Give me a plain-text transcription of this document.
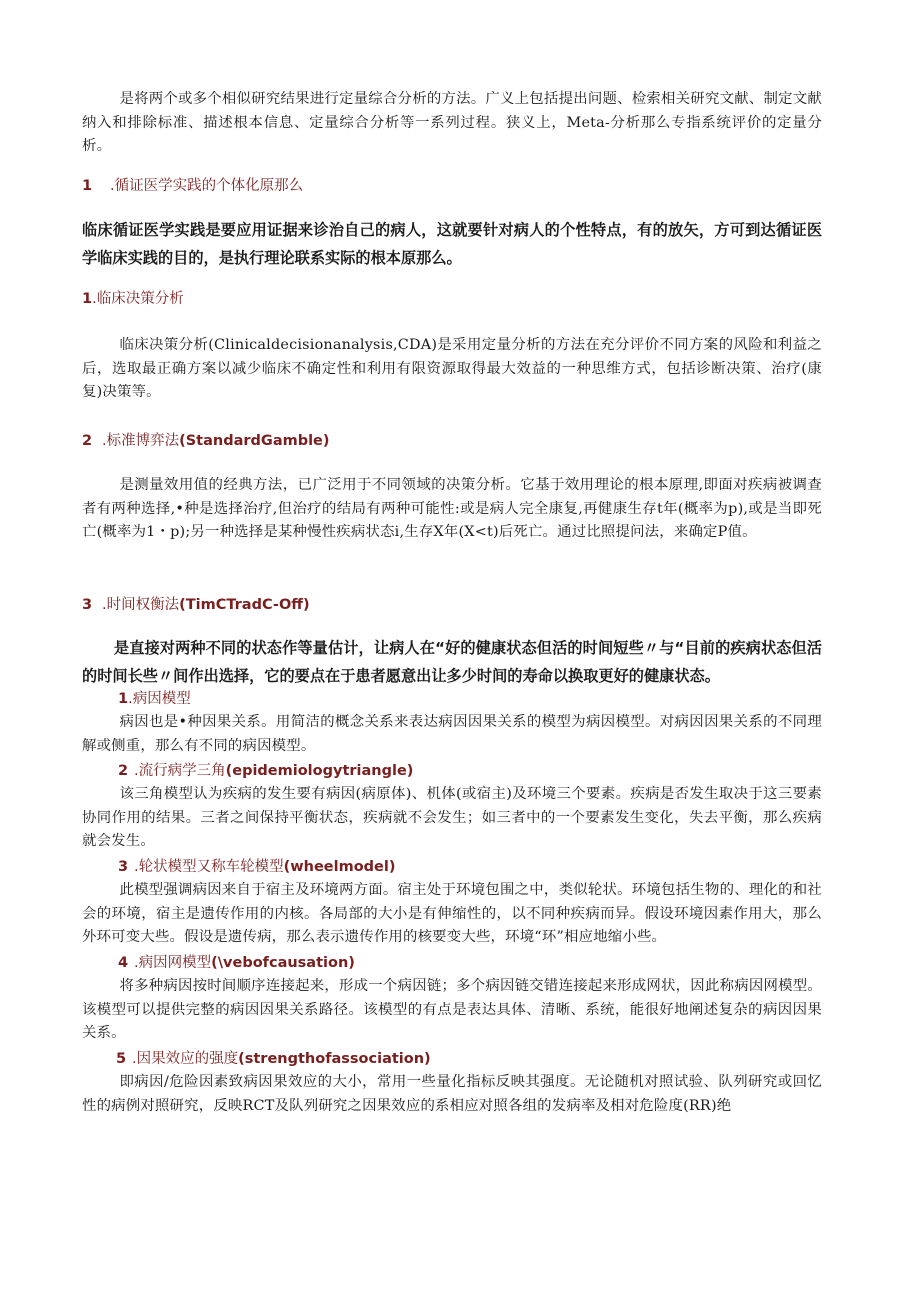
是将两个或多个相似研究结果进行定量综合分析的方法。广义上包括提出问题、检索相关研究文献、制定文献纳入和排除标准、描述根本信息、定量综合分析等一系列过程。狭义上，Meta-分析那么专指系统评价的定量分析。

1 .循证医学实践的个体化原那么

临床循证医学实践是要应用证据来诊治自己的病人，这就要针对病人的个性特点，有的放矢，方可到达循证医学临床实践的目的，是执行理论联系实际的根本原那么。

1.临床决策分析

临床决策分析(Clinicaldecisionanalysis,CDA)是采用定量分析的方法在充分评价不同方案的风险和利益之后，选取最正确方案以减少临床不确定性和利用有限资源取得最大效益的一种思维方式，包括诊断决策、治疗(康复)决策等。

2 .标准博弈法(StandardGamble)

是测量效用值的经典方法，已广泛用于不同领域的决策分析。它基于效用理论的根本原理,即面对疾病被调查者有两种选择,•种是选择治疗,但治疗的结局有两种可能性:或是病人完全康复,再健康生存t年(概率为p),或是当即死亡(概率为1・p);另一种选择是某种慢性疾病状态i,生存X年(X<t)后死亡。通过比照提问法，来确定P值。

3 .时间权衡法(TimCTradC-Off)

是直接对两种不同的状态作等量估计，让病人在“好的健康状态但活的时间短些〃与“目前的疾病状态但活的时间长些〃间作出选择，它的要点在于患者愿意出让多少时间的寿命以换取更好的健康状态。

1.病因模型

病因也是•种因果关系。用简洁的概念关系来表达病因因果关系的模型为病因模型。对病因因果关系的不同理解或侧重，那么有不同的病因模型。

2 .流行病学三角(epidemiologytriangle)

该三角模型认为疾病的发生要有病因(病原体)、机体(或宿主)及环境三个要素。疾病是否发生取决于这三要素协同作用的结果。三者之间保持平衡状态，疾病就不会发生；如三者中的一个要素发生变化，失去平衡，那么疾病就会发生。

3 .轮状模型又称车轮模型(wheelmodel)

此模型强调病因来自于宿主及环境两方面。宿主处于环境包围之中，类似轮状。环境包括生物的、理化的和社会的环境，宿主是遗传作用的内核。各局部的大小是有伸缩性的，以不同种疾病而异。假设环境因素作用大，那么外环可变大些。假设是遗传病，那么表示遗传作用的核要变大些，环境“环”相应地缩小些。

4 .病因网模型(\vebofcausation)

将多种病因按时间顺序连接起来，形成一个病因链；多个病因链交错连接起来形成网状，因此称病因网模型。该模型可以提供完整的病因因果关系路径。该模型的有点是表达具体、清晰、系统，能很好地阐述复杂的病因因果关系。

5 .因果效应的强度(strengthofassociation)

即病因/危险因素致病因果效应的大小，常用一些量化指标反映其强度。无论随机对照试验、队列研究或回忆性的病例对照研究，反映RCT及队列研究之因果效应的系相应对照各组的发病率及相对危险度(RR)绝
